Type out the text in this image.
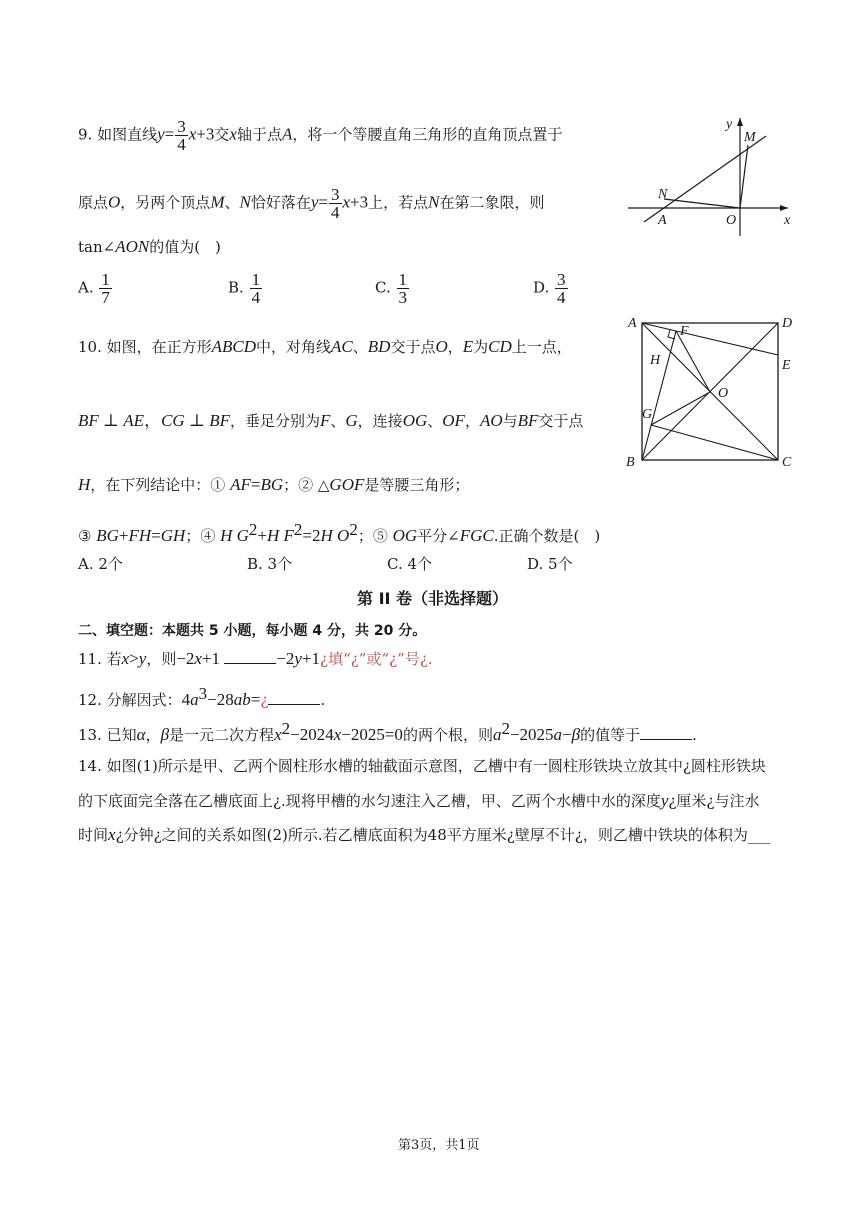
9. 如图直线$y= \frac{3}{4} x+3$交x轴于点A，将一个等腰直角三角形的直角顶点置于
原点O，另两个顶点M、N恰好落在$y= \frac{3}{4} x+3$上，若点N在第二象限，则
tan∠AON的值为(　)
A. $\frac{1}{7}$	B. $\frac{1}{4}$	C. $\frac{1}{3}$	D. $\frac{3}{4}$
y
M
N
A	O	x
10. 如图，在正方形ABCD中，对角线AC、BD交于点O，E为CD上一点，
BF ⊥ AE，CG ⊥ BF，垂足分别为F、G，连接OG、OF，AO与BF交于点
H，在下列结论中：① AF=BG；② △GOF是等腰三角形；
③ BG+FH=GH；④ H $G^2+H$ $F^2=2H$ $O^2$；⑤ OG平分∠FGC.正确个数是(　)
A. 2个	B. 3个	C. 4个	D. 5个
A	D
F
E
H
O
G
B	C
第 II 卷（非选择题）
二、填空题：本题共 5 小题，每小题 4 分，共 20 分。
11. 若x>y，则−2x+1	−2y+1¿填“¿”或“¿”号¿.
12. 分解因式：$4a^3-28ab=¿$	.
13. 已知α，β是一元二次方程$x^2-2024x-2025=0$的两个根，则$a^2-2025a-\beta$的值等于	.
14. 如图(1)所示是甲、乙两个圆柱形水槽的轴截面示意图，乙槽中有一圆柱形铁块立放其中¿圆柱形铁块
的下底面完全落在乙槽底面上¿.现将甲槽的水匀速注入乙槽，甲、乙两个水槽中水的深度y¿厘米¿与注水
时间x¿分钟¿之间的关系如图(2)所示.若乙槽底面积为48平方厘米¿壁厚不计¿，则乙槽中铁块的体积为___
第3页，共1页
